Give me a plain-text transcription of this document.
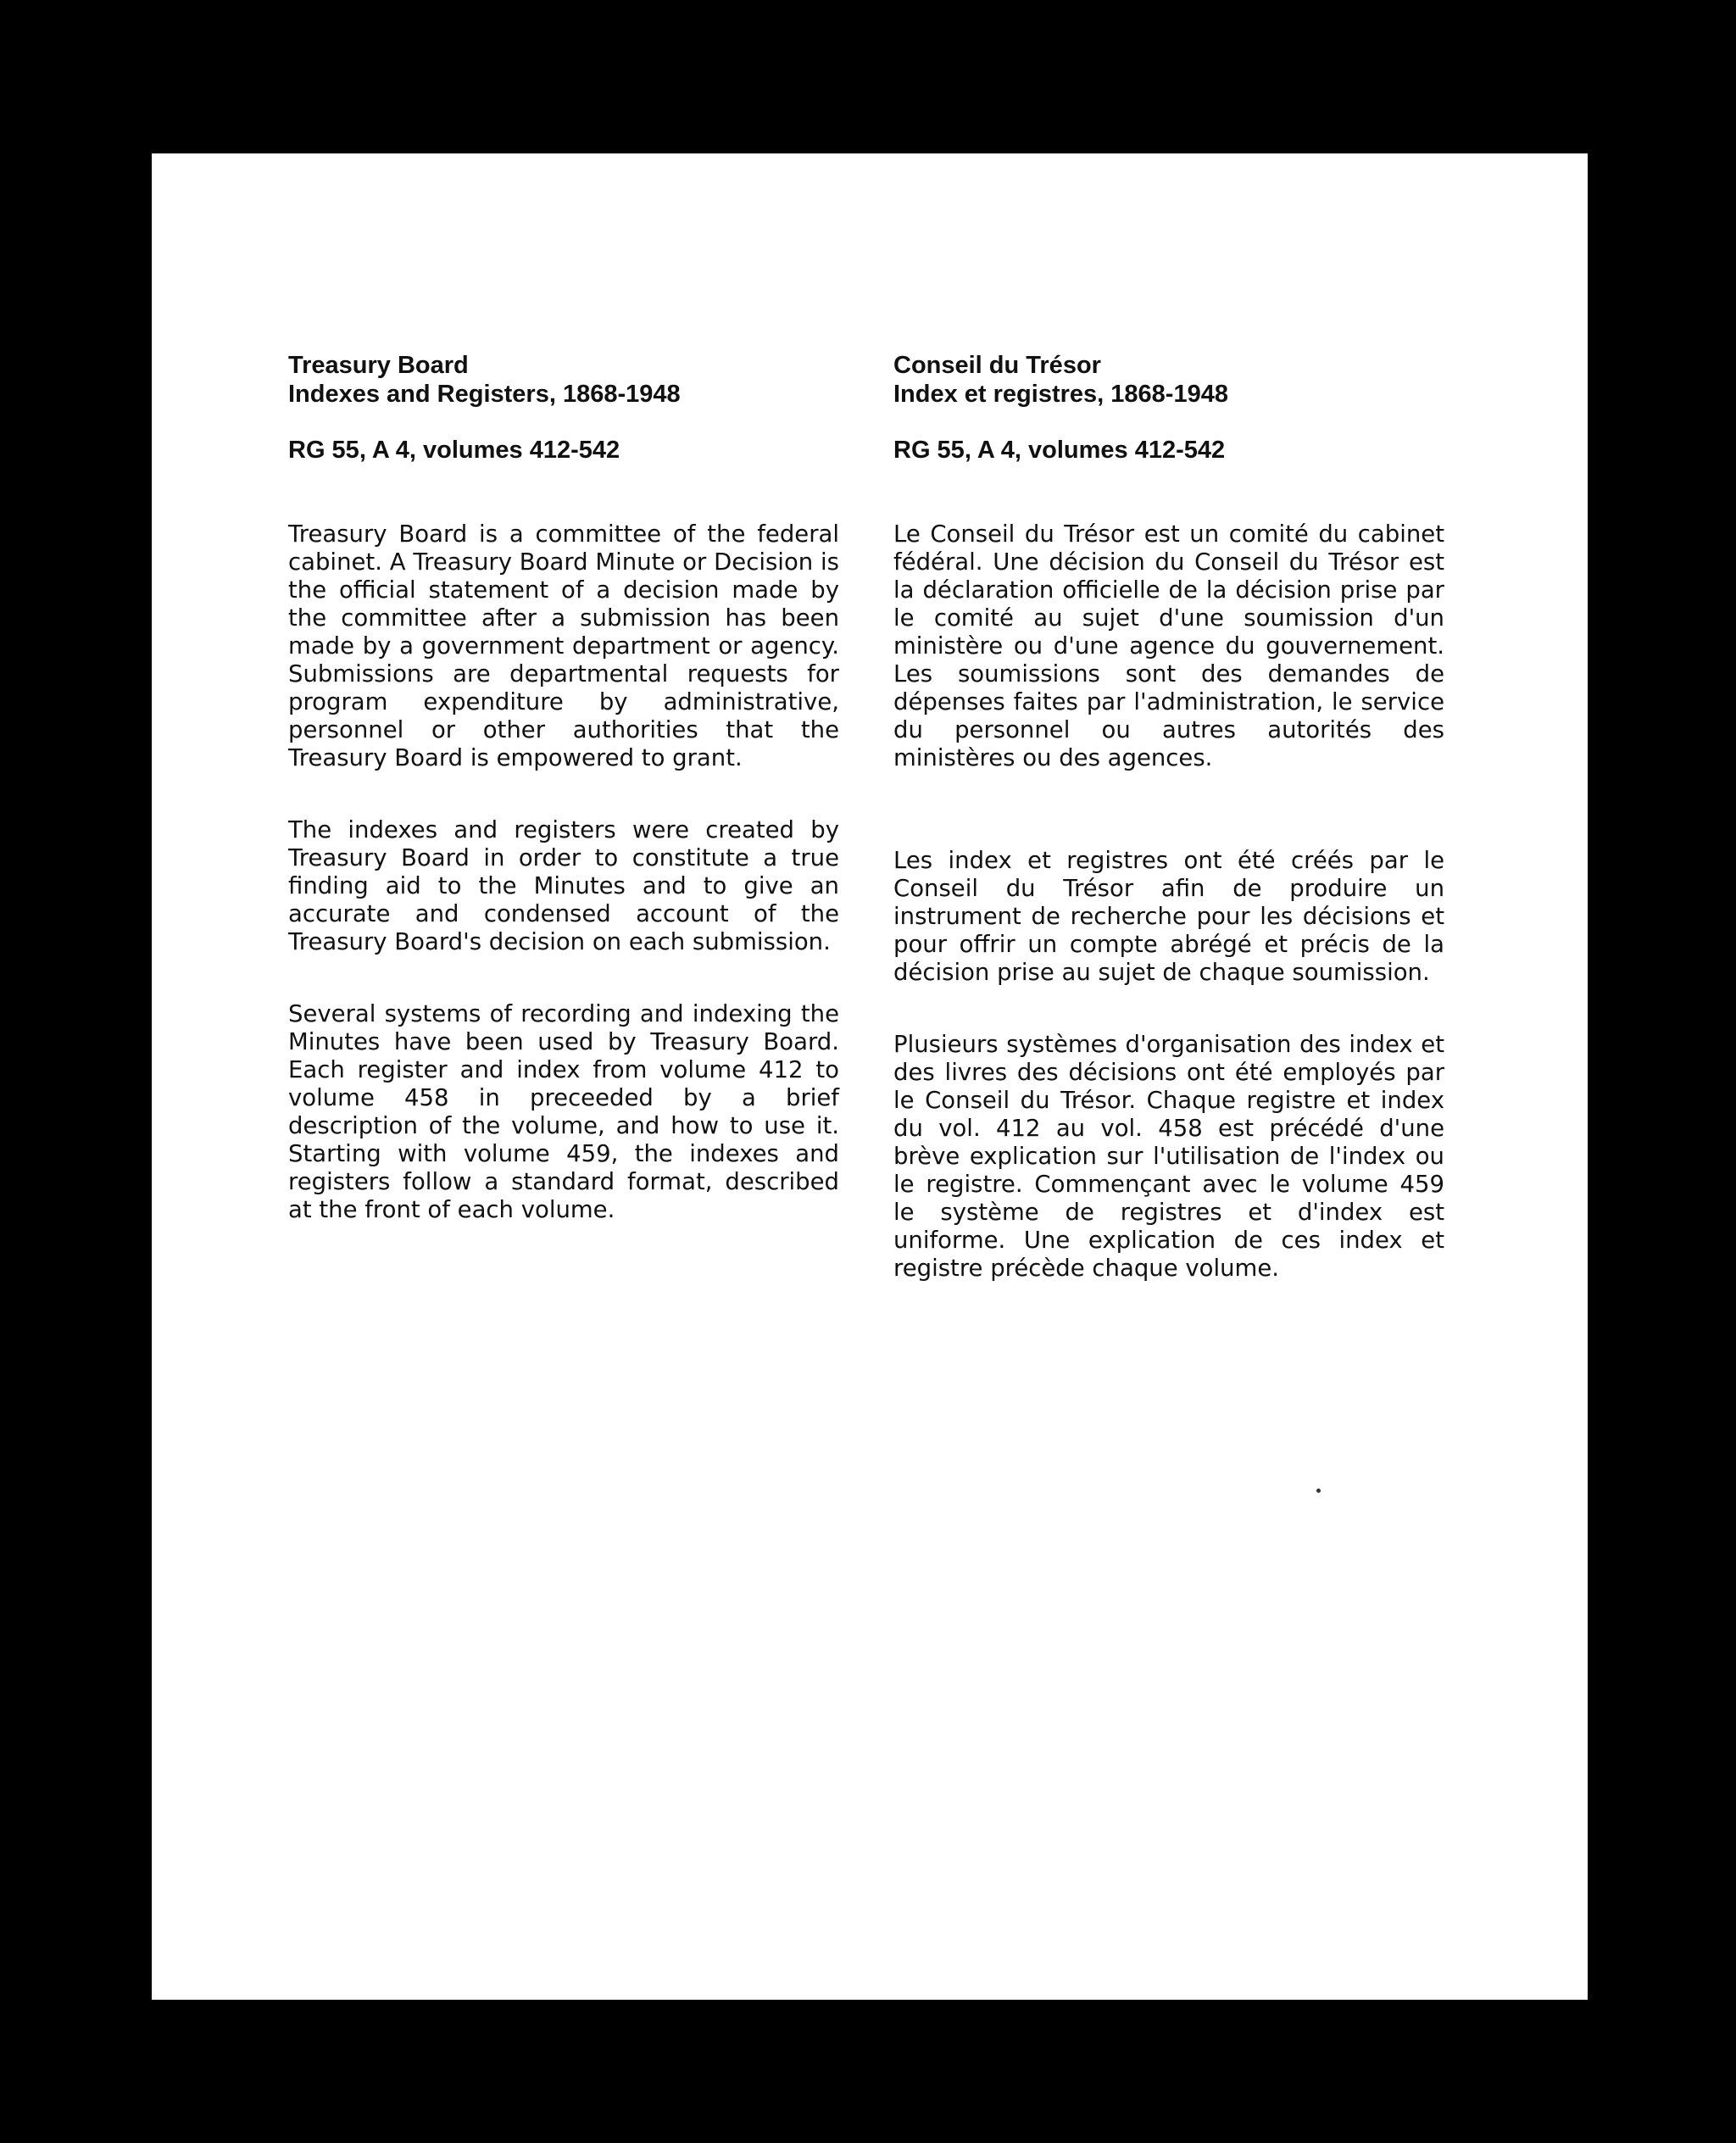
Treasury Board

Indexes and Registers, 1868-1948

RG 55, A 4, volumes 412-542

Treasury Board is a committee of the federal cabinet. A Treasury Board Minute or Decision is the official statement of a decision made by the committee after a submission has been made by a government department or agency. Submissions are departmental requests for program expenditure by administrative, personnel or other authorities that the Treasury Board is empowered to grant.

The indexes and registers were created by Treasury Board in order to constitute a true finding aid to the Minutes and to give an accurate and condensed account of the Treasury Board's decision on each submission.

Several systems of recording and indexing the Minutes have been used by Treasury Board. Each register and index from volume 412 to volume 458 in preceeded by a brief description of the volume, and how to use it. Starting with volume 459, the indexes and registers follow a standard format, described at the front of each volume.

Conseil du Trésor

Index et registres, 1868-1948

RG 55, A 4, volumes 412-542

Le Conseil du Trésor est un comité du cabinet fédéral. Une décision du Conseil du Trésor est la déclaration officielle de la décision prise par le comité au sujet d'une soumission d'un ministère ou d'une agence du gouvernement. Les soumissions sont des demandes de dépenses faites par l'administration, le service du personnel ou autres autorités des ministères ou des agences.

Les index et registres ont été créés par le Conseil du Trésor afin de produire un instrument de recherche pour les décisions et pour offrir un compte abrégé et précis de la décision prise au sujet de chaque soumission.

Plusieurs systèmes d'organisation des index et des livres des décisions ont été employés par le Conseil du Trésor. Chaque registre et index du vol. 412 au vol. 458 est précédé d'une brève explication sur l'utilisation de l'index ou le registre. Commençant avec le volume 459 le système de registres et d'index est uniforme. Une explication de ces index et registre précède chaque volume.
